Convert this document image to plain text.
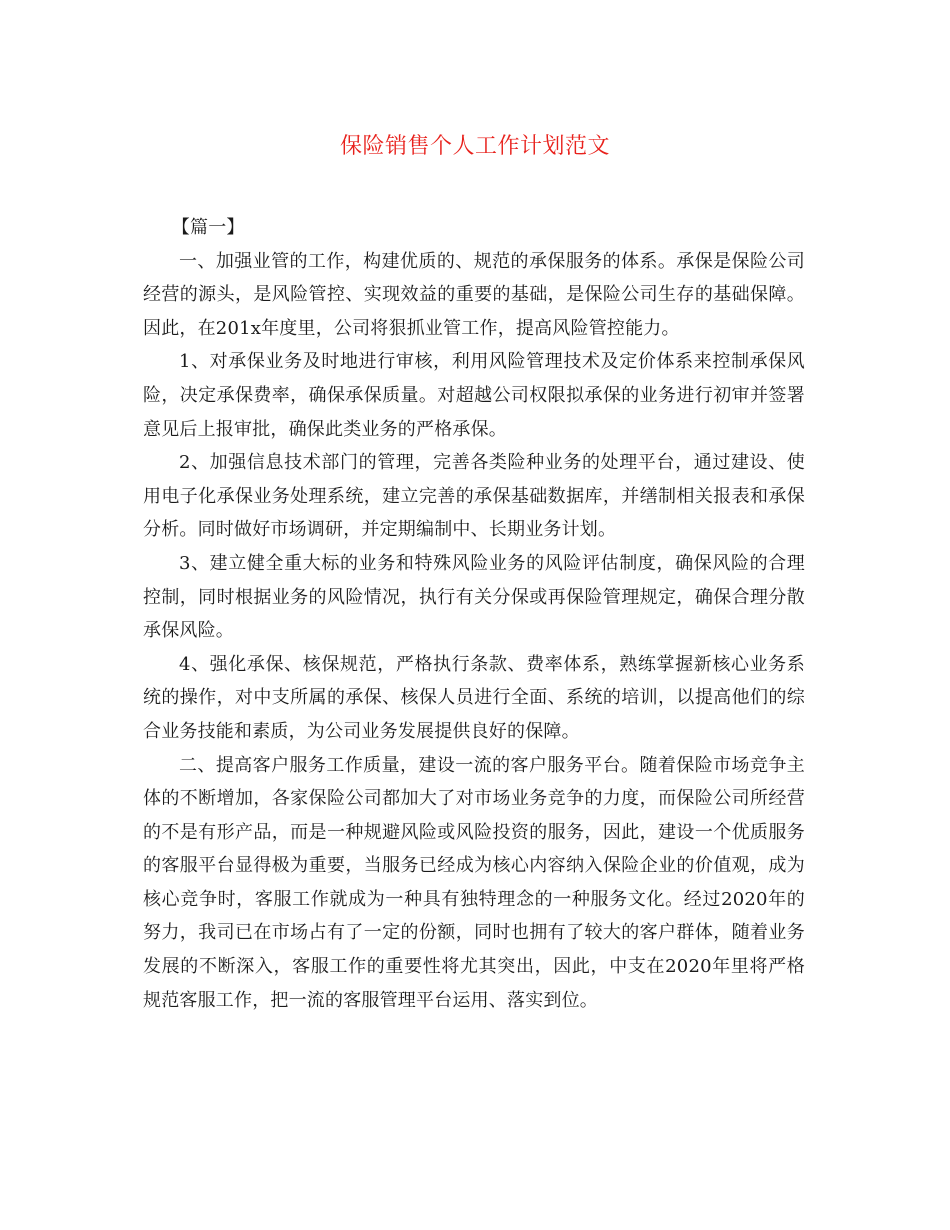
保险销售个人工作计划范文

【篇一】

一、加强业管的工作，构建优质的、规范的承保服务的体系。承保是保险公司经营的源头，是风险管控、实现效益的重要的基础，是保险公司生存的基础保障。因此，在201x年度里，公司将狠抓业管工作，提高风险管控能力。

1、对承保业务及时地进行审核，利用风险管理技术及定价体系来控制承保风险，决定承保费率，确保承保质量。对超越公司权限拟承保的业务进行初审并签署意见后上报审批，确保此类业务的严格承保。

2、加强信息技术部门的管理，完善各类险种业务的处理平台，通过建设、使用电子化承保业务处理系统，建立完善的承保基础数据库，并缮制相关报表和承保分析。同时做好市场调研，并定期编制中、长期业务计划。

3、建立健全重大标的业务和特殊风险业务的风险评估制度，确保风险的合理控制，同时根据业务的风险情况，执行有关分保或再保险管理规定，确保合理分散承保风险。

4、强化承保、核保规范，严格执行条款、费率体系，熟练掌握新核心业务系统的操作，对中支所属的承保、核保人员进行全面、系统的培训，以提高他们的综合业务技能和素质，为公司业务发展提供良好的保障。

二、提高客户服务工作质量，建设一流的客户服务平台。随着保险市场竞争主体的不断增加，各家保险公司都加大了对市场业务竞争的力度，而保险公司所经营的不是有形产品，而是一种规避风险或风险投资的服务，因此，建设一个优质服务的客服平台显得极为重要，当服务已经成为核心内容纳入保险企业的价值观，成为核心竞争时，客服工作就成为一种具有独特理念的一种服务文化。经过2020年的努力，我司已在市场占有了一定的份额，同时也拥有了较大的客户群体，随着业务发展的不断深入，客服工作的重要性将尤其突出，因此，中支在2020年里将严格规范客服工作，把一流的客服管理平台运用、落实到位。
